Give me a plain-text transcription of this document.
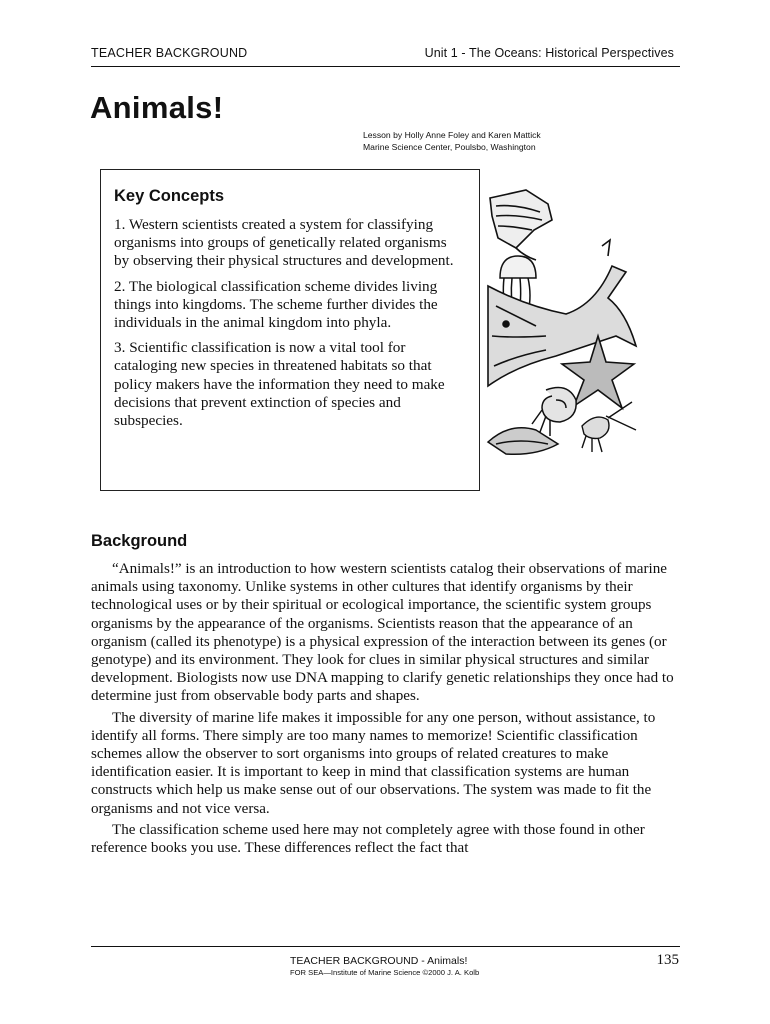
TEACHER BACKGROUND	Unit 1 - The Oceans: Historical Perspectives
Animals!
Lesson by Holly Anne Foley and Karen Mattick
Marine Science Center, Poulsbo, Washington
Key Concepts

1. Western scientists created a system for classifying organisms into groups of genetically related organisms by observing their physical structures and development.

2. The biological classification scheme divides living things into kingdoms. The scheme further divides the individuals in the animal kingdom into phyla.

3. Scientific classification is now a vital tool for cataloging new species in threatened habitats so that policy makers have the information they need to make decisions that prevent extinction of species and subspecies.

Background

“Animals!” is an introduction to how western scientists catalog their observations of marine animals using taxonomy. Unlike systems in other cultures that identify organisms by their technological uses or by their spiritual or ecological importance, the scientific system groups organisms by the appearance of the organisms. Scientists reason that the appearance of an organism (called its phenotype) is a physical expression of the interaction between its genes (or genotype) and its environment. They look for clues in similar physical structures and similar development. Biologists now use DNA mapping to clarify genetic relationships they once had to determine just from observable body parts and shapes.

The diversity of marine life makes it impossible for any one person, without assistance, to identify all forms. There simply are too many names to memorize! Scientific classification schemes allow the observer to sort organisms into groups of related creatures to make identification easier. It is important to keep in mind that classification systems are human constructs which help us make sense out of our observations. The system was made to fit the organisms and not vice versa.

The classification scheme used here may not completely agree with those found in other reference books you use. These differences reflect the fact that

TEACHER BACKGROUND - Animals!
FOR SEA—Institute of Marine Science ©2000 J. A. Kolb
135
